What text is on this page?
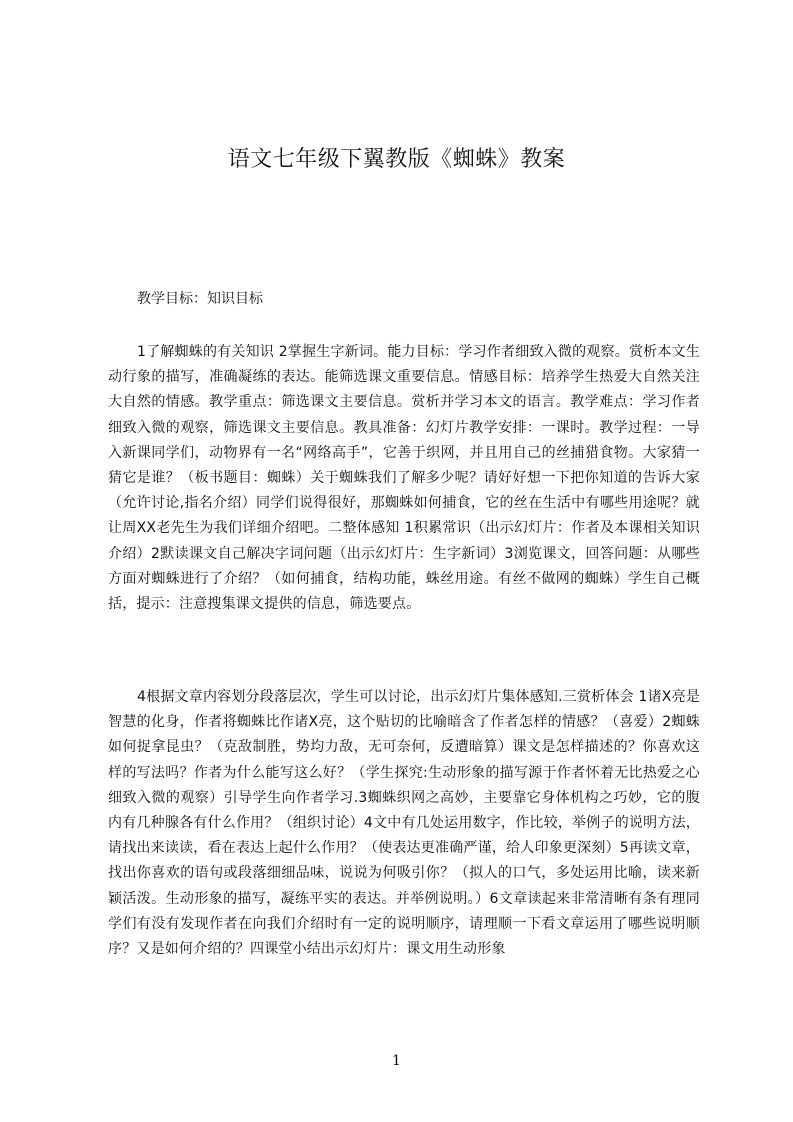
语文七年级下翼教版《蜘蛛》教案
教学目标：知识目标

1了解蜘蛛的有关知识 2掌握生字新词。能力目标：学习作者细致入微的观察。赏析本文生动行象的描写，准确凝练的表达。能筛选课文重要信息。情感目标：培养学生热爱大自然关注大自然的情感。教学重点：筛选课文主要信息。赏析并学习本文的语言。教学难点：学习作者细致入微的观察，筛选课文主要信息。教具准备：幻灯片教学安排：一课时。教学过程：一导入新课同学们，动物界有一名“网络高手”，它善于织网，并且用自己的丝捕猎食物。大家猜一猜它是谁？（板书题目：蜘蛛）关于蜘蛛我们了解多少呢？请好好想一下把你知道的告诉大家（允许讨论,指名介绍）同学们说得很好，那蜘蛛如何捕食，它的丝在生活中有哪些用途呢？就让周XX老先生为我们详细介绍吧。二整体感知 1积累常识（出示幻灯片：作者及本课相关知识介绍）2默读课文自己解决字词问题（出示幻灯片：生字新词）3浏览课文，回答问题：从哪些方面对蜘蛛进行了介绍？（如何捕食，结构功能，蛛丝用途。有丝不做网的蜘蛛）学生自己概括，提示：注意搜集课文提供的信息，筛选要点。

4根据文章内容划分段落层次，学生可以讨论，出示幻灯片集体感知.三赏析体会 1诸X亮是智慧的化身，作者将蜘蛛比作诸X亮，这个贴切的比喻暗含了作者怎样的情感？（喜爱）2蜘蛛如何捉拿昆虫？（克敌制胜，势均力敌，无可奈何，反遭暗算）课文是怎样描述的？你喜欢这样的写法吗？作者为什么能写这么好？（学生探究:生动形象的描写源于作者怀着无比热爱之心细致入微的观察）引导学生向作者学习.3蜘蛛织网之高妙，主要靠它身体机构之巧妙，它的腹内有几种腺各有什么作用？（组织讨论）4文中有几处运用数字，作比较，举例子的说明方法，请找出来读读，看在表达上起什么作用？（使表达更准确严谨，给人印象更深刻）5再读文章，找出你喜欢的语句或段落细细品味，说说为何吸引你？（拟人的口气，多处运用比喻，读来新颖活泼。生动形象的描写，凝练平实的表达。并举例说明。）6文章读起来非常清晰有条有理同学们有没有发现作者在向我们介绍时有一定的说明顺序，请理顺一下看文章运用了哪些说明顺序？又是如何介绍的？四课堂小结出示幻灯片：课文用生动形象

1
